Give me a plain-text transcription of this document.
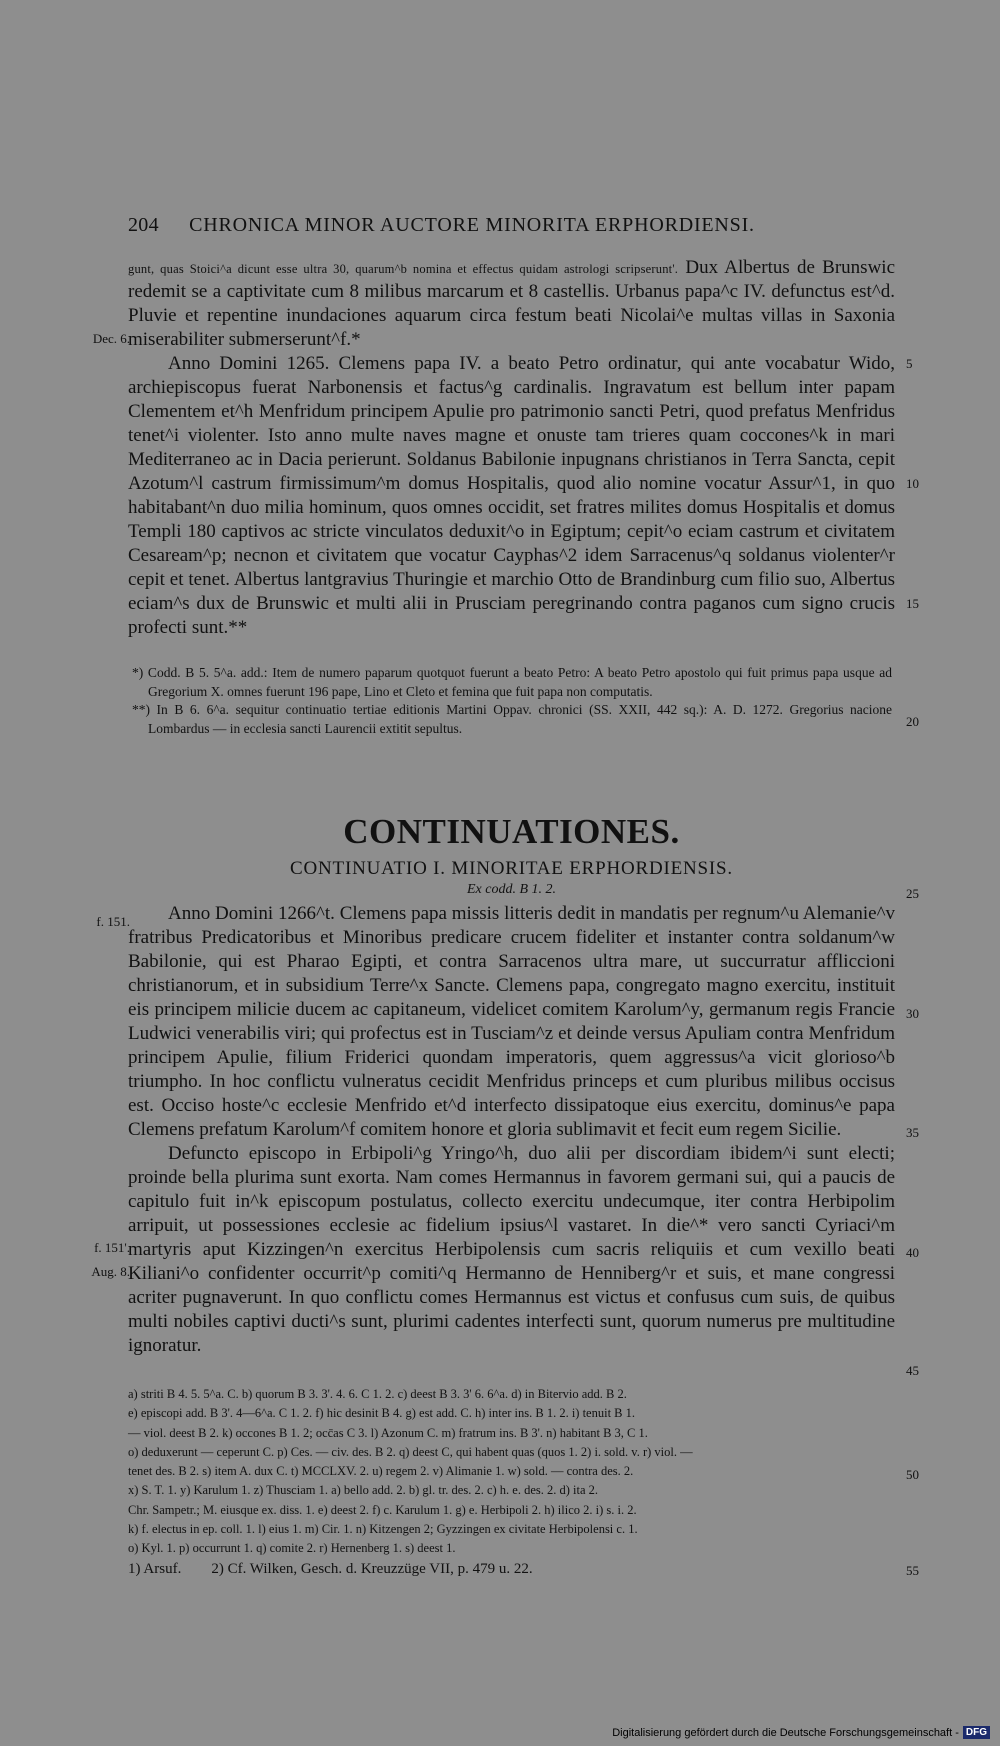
204	CHRONICA MINOR AUCTORE MINORITA ERPHORDIENSI.

gunt, quas Stoici^a dicunt esse ultra 30, quarum^b nomina et effectus quidam astrologi scripserunt'. Dux Albertus de Brunswic redemit se a captivitate cum 8 milibus marcarum et 8 castellis. Urbanus papa^c IV. defunctus est^d. Pluvie et repentine inundaciones aquarum circa festum beati Nicolai^e multas villas in Saxonia miserabiliter submerserunt^f.*

Anno Domini 1265. Clemens papa IV. a beato Petro ordinatur, qui ante vocabatur Wido, archiepiscopus fuerat Narbonensis et factus^g cardinalis. Ingravatum est bellum inter papam Clementem et^h Menfridum principem Apulie pro patrimonio sancti Petri, quod prefatus Menfridus tenet^i violenter. Isto anno multe naves magne et onuste tam trieres quam coccones^k in mari Mediterraneo ac in Dacia perierunt. Soldanus Babilonie inpugnans christianos in Terra Sancta, cepit Azotum^l castrum firmissimum^m domus Hospitalis, quod alio nomine vocatur Assur^1, in quo habitabant^n duo milia hominum, quos omnes occidit, set fratres milites domus Hospitalis et domus Templi 180 captivos ac stricte vinculatos deduxit^o in Egiptum; cepit^o eciam castrum et civitatem Cesaream^p; necnon et civitatem que vocatur Cayphas^2 idem Sarracenus^q soldanus violenter^r cepit et tenet. Albertus lantgravius Thuringie et marchio Otto de Brandinburg cum filio suo, Albertus eciam^s dux de Brunswic et multi alii in Prusciam peregrinando contra paganos cum signo crucis profecti sunt.**

*) Codd. B 5. 5^a. add.: Item de numero paparum quotquot fuerunt a beato Petro: A beato Petro apostolo qui fuit primus papa usque ad Gregorium X. omnes fuerunt 196 pape, Lino et Cleto et femina que fuit papa non computatis.

**) In B 6. 6^a. sequitur continuatio tertiae editionis Martini Oppav. chronici (SS. XXII, 442 sq.): A. D. 1272. Gregorius nacione Lombardus — in ecclesia sancti Laurencii extitit sepultus.

CONTINUATIONES.
CONTINUATIO I. MINORITAE ERPHORDIENSIS.
Ex codd. B 1. 2.

Anno Domini 1266^t. Clemens papa missis litteris dedit in mandatis per regnum^u Alemanie^v fratribus Predicatoribus et Minoribus predicare crucem fideliter et instanter contra soldanum^w Babilonie, qui est Pharao Egipti, et contra Sarracenos ultra mare, ut succurratur affliccioni christianorum, et in subsidium Terre^x Sancte. Clemens papa, congregato magno exercitu, instituit eis principem milicie ducem ac capitaneum, videlicet comitem Karolum^y, germanum regis Francie Ludwici venerabilis viri; qui profectus est in Tusciam^z et deinde versus Apuliam contra Menfridum principem Apulie, filium Friderici quondam imperatoris, quem aggressus^a vicit glorioso^b triumpho. In hoc conflictu vulneratus cecidit Menfridus princeps et cum pluribus milibus occisus est. Occiso hoste^c ecclesie Menfrido et^d interfecto dissipatoque eius exercitu, dominus^e papa Clemens prefatum Karolum^f comitem honore et gloria sublimavit et fecit eum regem Sicilie.

Defuncto episcopo in Erbipoli^g Yringo^h, duo alii per discordiam ibidem^i sunt electi; proinde bella plurima sunt exorta. Nam comes Hermannus in favorem germani sui, qui a paucis de capitulo fuit in^k episcopum postulatus, collecto exercitu undecumque, iter contra Herbipolim arripuit, ut possessiones ecclesie ac fidelium ipsius^l vastaret. In die^* vero sancti Cyriaci^m martyris aput Kizzingen^n exercitus Herbipolensis cum sacris reliquiis et cum vexillo beati Kiliani^o confidenter occurrit^p comiti^q Hermanno de Henniberg^r et suis, et mane congressi acriter pugnaverunt. In quo conflictu comes Hermannus est victus et confusus cum suis, de quibus multi nobiles captivi ducti^s sunt, plurimi cadentes interfecti sunt, quorum numerus pre multitudine ignoratur.

Dec. 6.
f. 151.
f. 151'.
Aug. 8.
5
10
15
20
25
30
35
40
45
50
55
a) striti B 4. 5. 5^a. C. b) quorum B 3. 3'. 4. 6. C 1. 2. c) deest B 3. 3' 6. 6^a. d) in Bitervio add. B 2.
e) episcopi add. B 3'. 4—6^a. C 1. 2. f) hic desinit B 4. g) est add. C. h) inter ins. B 1. 2. i) tenuit B 1.
— viol. deest B 2. k) occones B 1. 2; occ̄as C 3. l) Azonum C. m) fratrum ins. B 3'. n) habitant B 3, C 1.
o) deduxerunt — ceperunt C. p) Ces. — civ. des. B 2. q) deest C, qui habent quas (quos 1. 2) i. sold. v. r) viol. —
tenet des. B 2. s) item A. dux C. t) MCCLXV. 2. u) regem 2. v) Alimanie 1. w) sold. — contra des. 2.
x) S. T. 1. y) Karulum 1. z) Thusciam 1. a) bello add. 2. b) gl. tr. des. 2. c) h. e. des. 2. d) ita 2.
Chr. Sampetr.; M. eiusque ex. diss. 1. e) deest 2. f) c. Karulum 1. g) e. Herbipoli 2. h) ilico 2. i) s. i. 2.
k) f. electus in ep. coll. 1. l) eius 1. m) Cir. 1. n) Kitzengen 2; Gyzzingen ex civitate Herbipolensi c. 1.
o) Kyl. 1. p) occurrunt 1. q) comite 2. r) Hernenberg 1. s) deest 1.
1) Arsuf. 2) Cf. Wilken, Gesch. d. Kreuzzüge VII, p. 479 u. 22.
Digitalisierung gefördert durch die Deutsche Forschungsgemeinschaft - DFG
